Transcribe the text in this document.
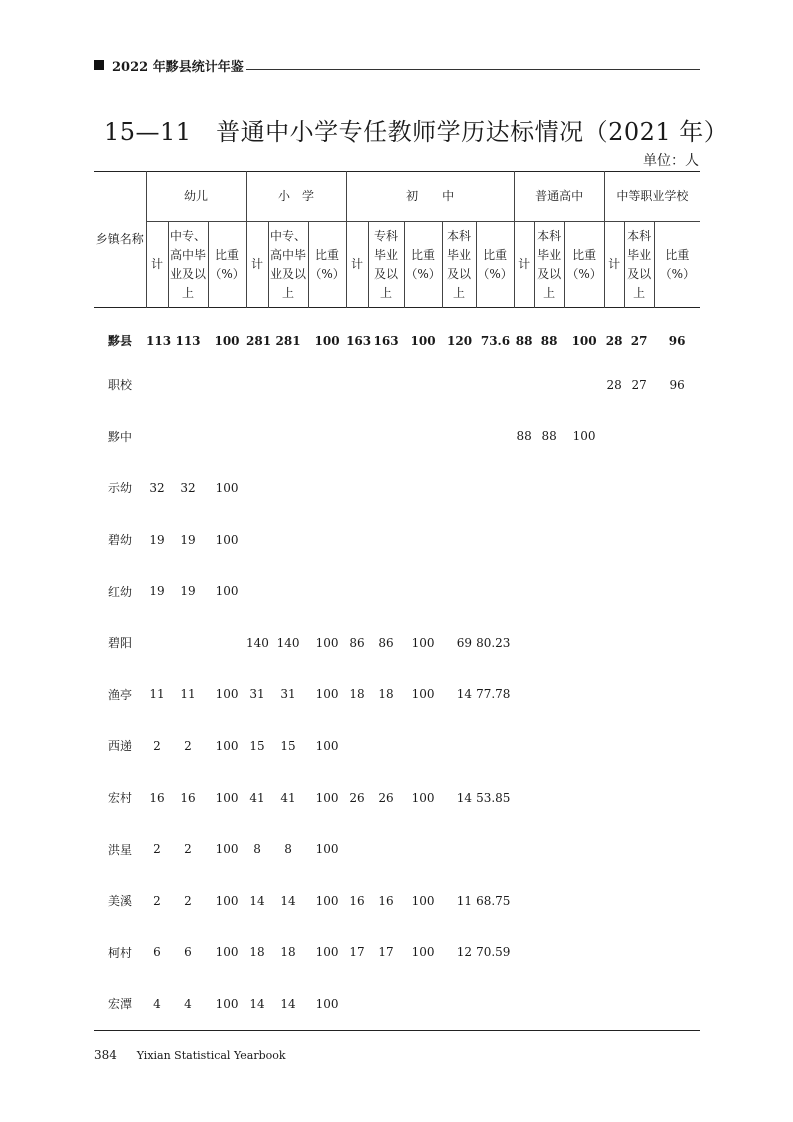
2022 年黟县统计年鉴
15—11　普通中小学专任教师学历达标情况（2021 年）
单位：人
乡镇名称	幼儿			小　学			初　　中					普通高中			中等职业学校		
	计	中专、高中毕业及以上	比重（%）	计	中专、高中毕业及以上	比重（%）	计	专科毕业及以上	比重（%）	本科毕业及以上	比重（%）	计	本科毕业及以上	比重（%）	计	本科毕业及以上	比重（%）
黟县	113	113	100	281	281	100	163	163	100	120	73.6	88	88	100	28	27	96
职校															28	27	96
黟中												88	88	100			
示幼	32	32	100														
碧幼	19	19	100														
红幼	19	19	100														
碧阳				140	140	100	86	86	100	69	80.23						
渔亭	11	11	100	31	31	100	18	18	100	14	77.78						
西递	2	2	100	15	15	100											
宏村	16	16	100	41	41	100	26	26	100	14	53.85						
洪星	2	2	100	8	8	100											
美溪	2	2	100	14	14	100	16	16	100	11	68.75						
柯村	6	6	100	18	18	100	17	17	100	12	70.59						
宏潭	4	4	100	14	14	100											
384 Yixian Statistical Yearbook
